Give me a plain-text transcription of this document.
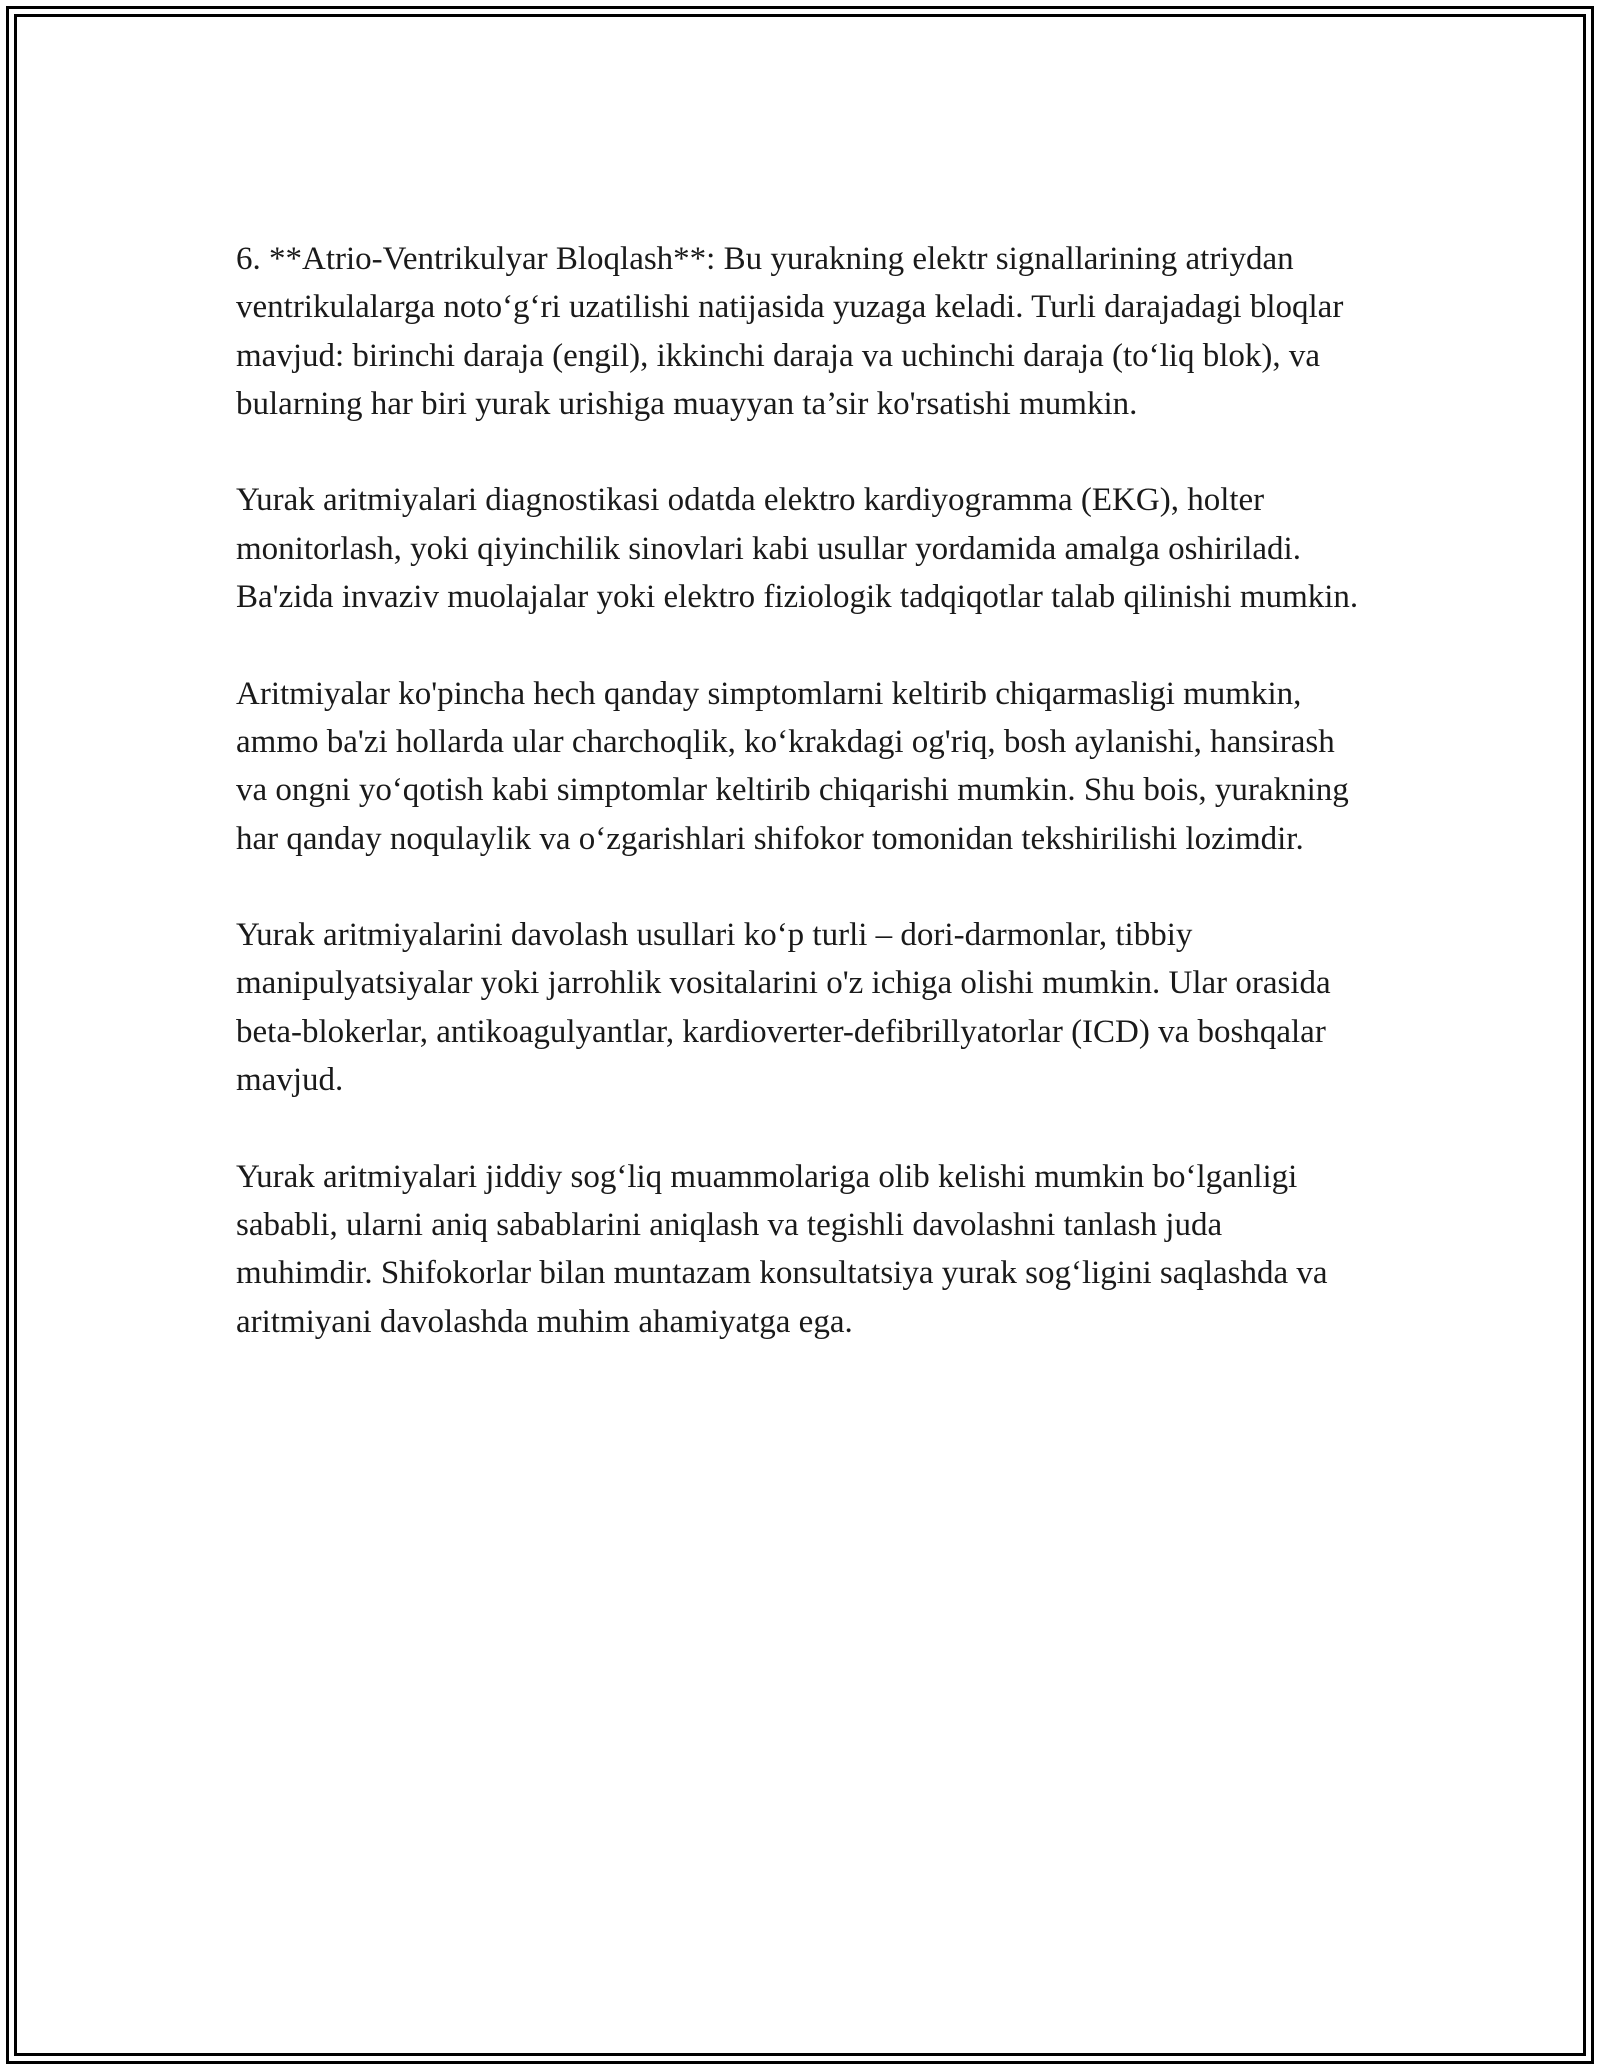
6. **Atrio-Ventrikulyar Bloqlash**: Bu yurakning elektr signallarining atriydan ventrikulalarga noto‘g‘ri uzatilishi natijasida yuzaga keladi. Turli darajadagi bloqlar mavjud: birinchi daraja (engil), ikkinchi daraja va uchinchi daraja (to‘liq blok), va bularning har biri yurak urishiga muayyan ta’sir ko'rsatishi mumkin.

Yurak aritmiyalari diagnostikasi odatda elektro kardiyogramma (EKG), holter monitorlash, yoki qiyinchilik sinovlari kabi usullar yordamida amalga oshiriladi. Ba'zida invaziv muolajalar yoki elektro fiziologik tadqiqotlar talab qilinishi mumkin.

Aritmiyalar ko'pincha hech qanday simptomlarni keltirib chiqarmasligi mumkin, ammo ba'zi hollarda ular charchoqlik, ko‘krakdagi og'riq, bosh aylanishi, hansirash va ongni yo‘qotish kabi simptomlar keltirib chiqarishi mumkin. Shu bois, yurakning har qanday noqulaylik va o‘zgarishlari shifokor tomonidan tekshirilishi lozimdir.

Yurak aritmiyalarini davolash usullari ko‘p turli – dori-darmonlar, tibbiy manipulyatsiyalar yoki jarrohlik vositalarini o'z ichiga olishi mumkin. Ular orasida beta-blokerlar, antikoagulyantlar, kardioverter-defibrillyatorlar (ICD) va boshqalar mavjud.

Yurak aritmiyalari jiddiy sog‘liq muammolariga olib kelishi mumkin bo‘lganligi sababli, ularni aniq sabablarini aniqlash va tegishli davolashni tanlash juda muhimdir. Shifokorlar bilan muntazam konsultatsiya yurak sog‘ligini saqlashda va aritmiyani davolashda muhim ahamiyatga ega.
